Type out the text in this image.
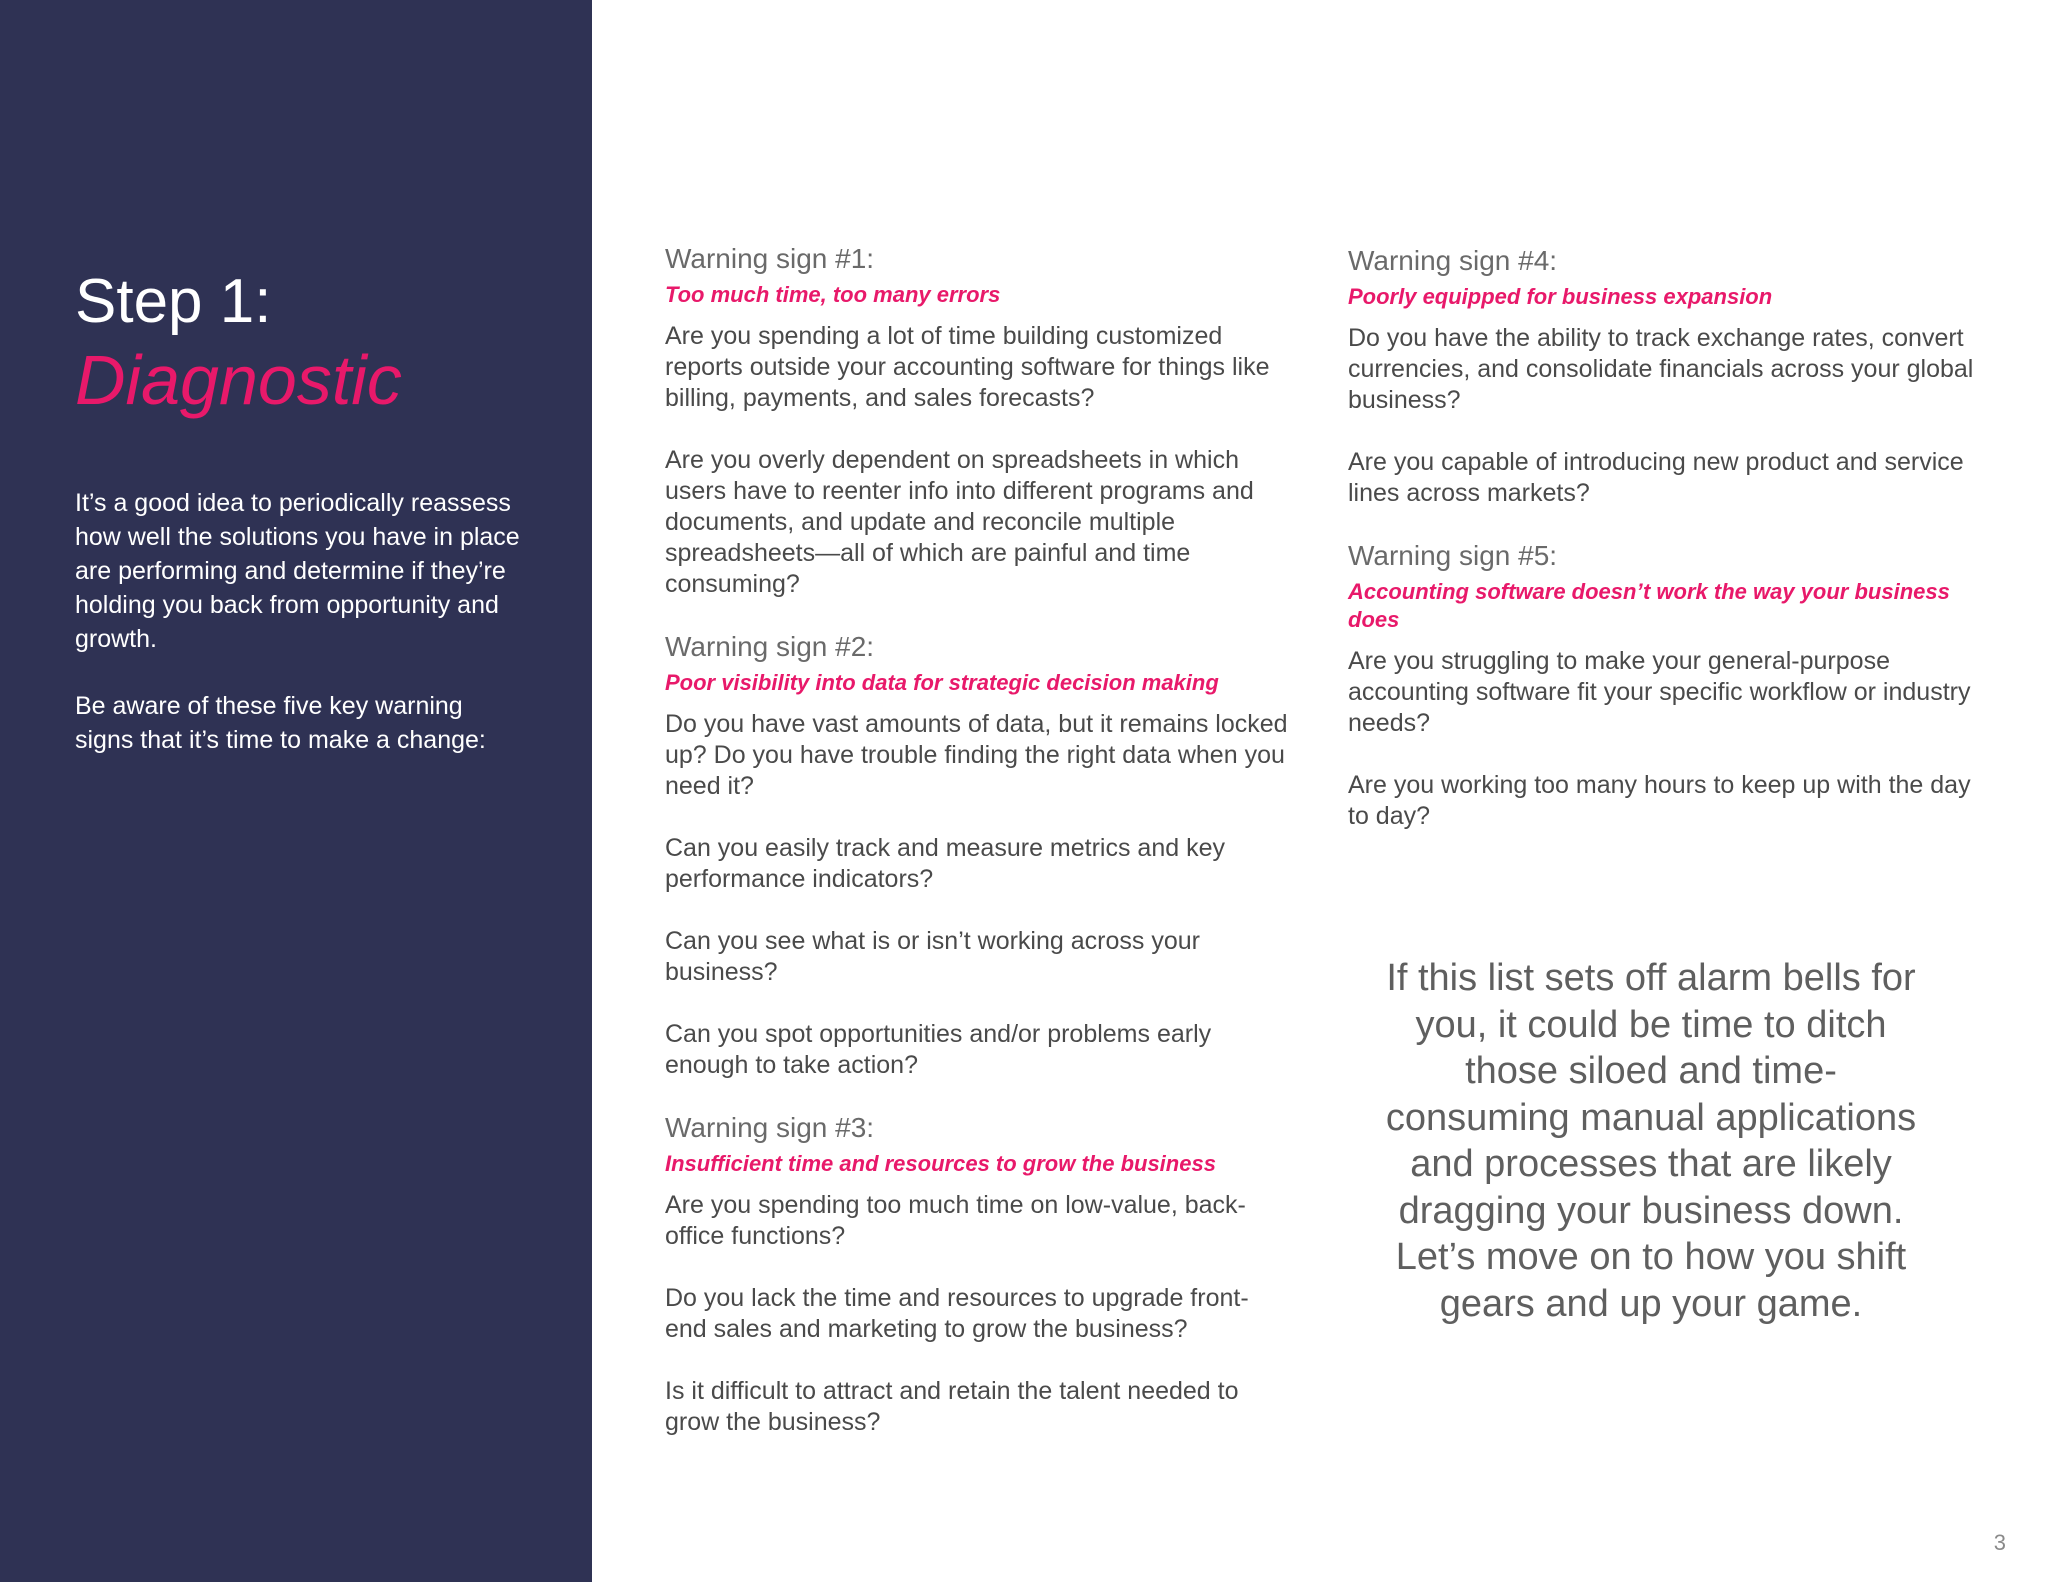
Step 1:
Diagnostic

It’s a good idea to periodically reassess how well the solutions you have in place are performing and determine if they’re holding you back from opportunity and growth.

Be aware of these five key warning signs that it’s time to make a change:

Warning sign #1:
Too much time, too many errors

Are you spending a lot of time building customized reports outside your accounting software for things like billing, payments, and sales forecasts?

Are you overly dependent on spreadsheets in which users have to reenter info into different programs and documents, and update and reconcile multiple spreadsheets—all of which are painful and time consuming?

Warning sign #2:
Poor visibility into data for strategic decision making

Do you have vast amounts of data, but it remains locked up? Do you have trouble finding the right data when you need it?

Can you easily track and measure metrics and key performance indicators?

Can you see what is or isn’t working across your business?

Can you spot opportunities and/or problems early enough to take action?

Warning sign #3:
Insufficient time and resources to grow the business

Are you spending too much time on low-value, back-office functions?

Do you lack the time and resources to upgrade front-end sales and marketing to grow the business?

Is it difficult to attract and retain the talent needed to grow the business?

Warning sign #4:
Poorly equipped for business expansion

Do you have the ability to track exchange rates, convert currencies, and consolidate financials across your global business?

Are you capable of introducing new product and service lines across markets?

Warning sign #5:
Accounting software doesn’t work the way your business does

Are you struggling to make your general-purpose accounting software fit your specific workflow or industry needs?

Are you working too many hours to keep up with the day to day?

If this list sets off alarm bells for you, it could be time to ditch those siloed and time-consuming manual applications and processes that are likely dragging your business down. Let’s move on to how you shift gears and up your game.
3
